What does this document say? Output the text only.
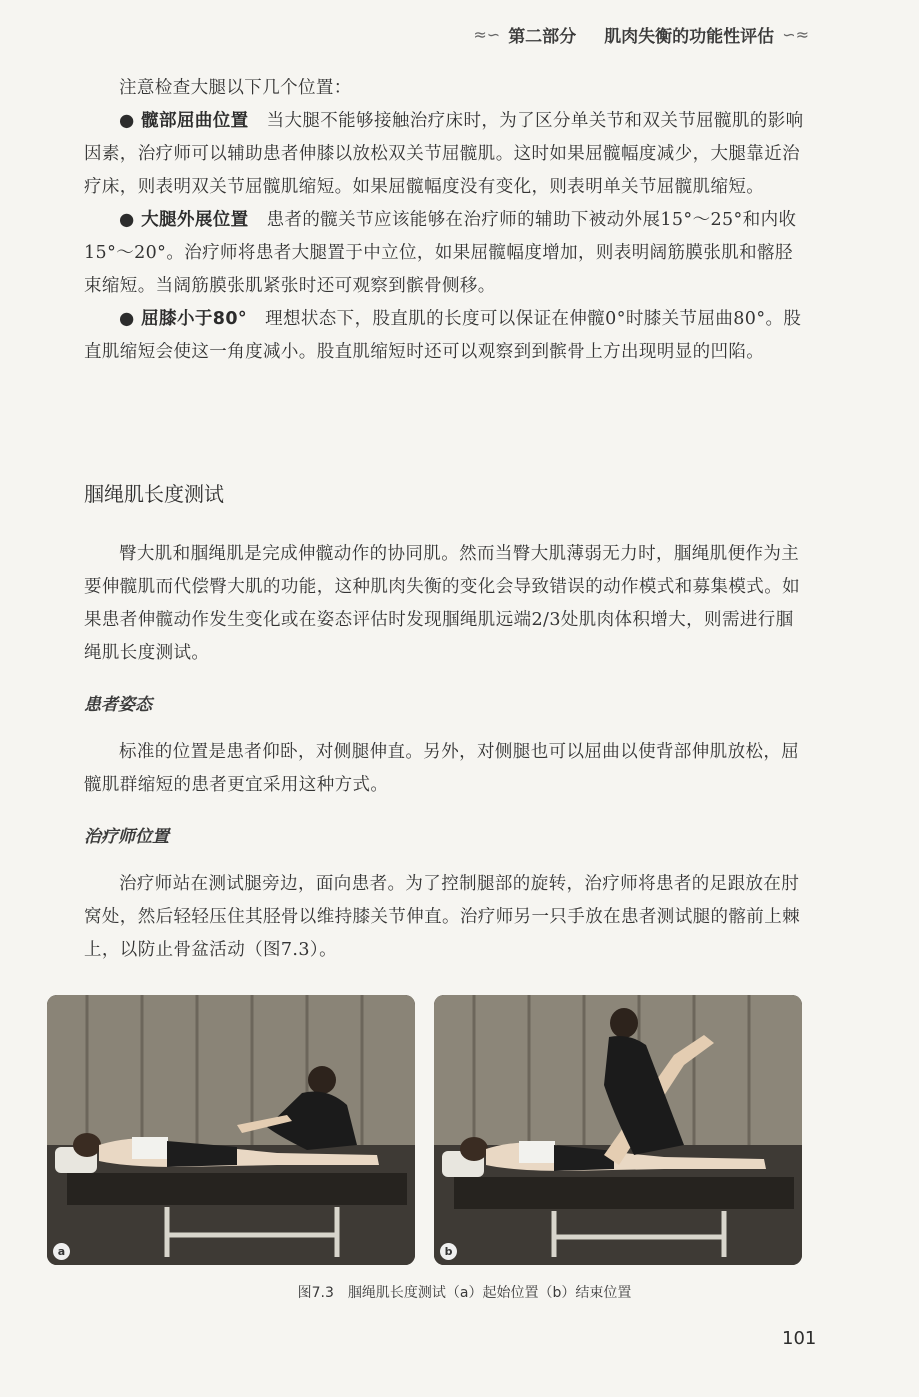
≈∽ 第二部分 肌肉失衡的功能性评估 ∽≈

注意检查大腿以下几个位置：

● 髋部屈曲位置 当大腿不能够接触治疗床时，为了区分单关节和双关节屈髋肌的影响因素，治疗师可以辅助患者伸膝以放松双关节屈髋肌。这时如果屈髋幅度减少，大腿靠近治疗床，则表明双关节屈髋肌缩短。如果屈髋幅度没有变化，则表明单关节屈髋肌缩短。

● 大腿外展位置 患者的髋关节应该能够在治疗师的辅助下被动外展15°～25°和内收15°～20°。治疗师将患者大腿置于中立位，如果屈髋幅度增加，则表明阔筋膜张肌和髂胫束缩短。当阔筋膜张肌紧张时还可观察到髌骨侧移。

● 屈膝小于80° 理想状态下，股直肌的长度可以保证在伸髋0°时膝关节屈曲80°。股直肌缩短会使这一角度减小。股直肌缩短时还可以观察到到髌骨上方出现明显的凹陷。

腘绳肌长度测试

臀大肌和腘绳肌是完成伸髋动作的协同肌。然而当臀大肌薄弱无力时，腘绳肌便作为主要伸髋肌而代偿臀大肌的功能，这种肌肉失衡的变化会导致错误的动作模式和募集模式。如果患者伸髋动作发生变化或在姿态评估时发现腘绳肌远端2/3处肌肉体积增大，则需进行腘绳肌长度测试。

患者姿态

标准的位置是患者仰卧，对侧腿伸直。另外，对侧腿也可以屈曲以使背部伸肌放松，屈髋肌群缩短的患者更宜采用这种方式。

治疗师位置

治疗师站在测试腿旁边，面向患者。为了控制腿部的旋转，治疗师将患者的足跟放在肘窝处，然后轻轻压住其胫骨以维持膝关节伸直。治疗师另一只手放在患者测试腿的髂前上棘上，以防止骨盆活动（图7.3）。

a	b
图7.3　腘绳肌长度测试（a）起始位置（b）结束位置
101
